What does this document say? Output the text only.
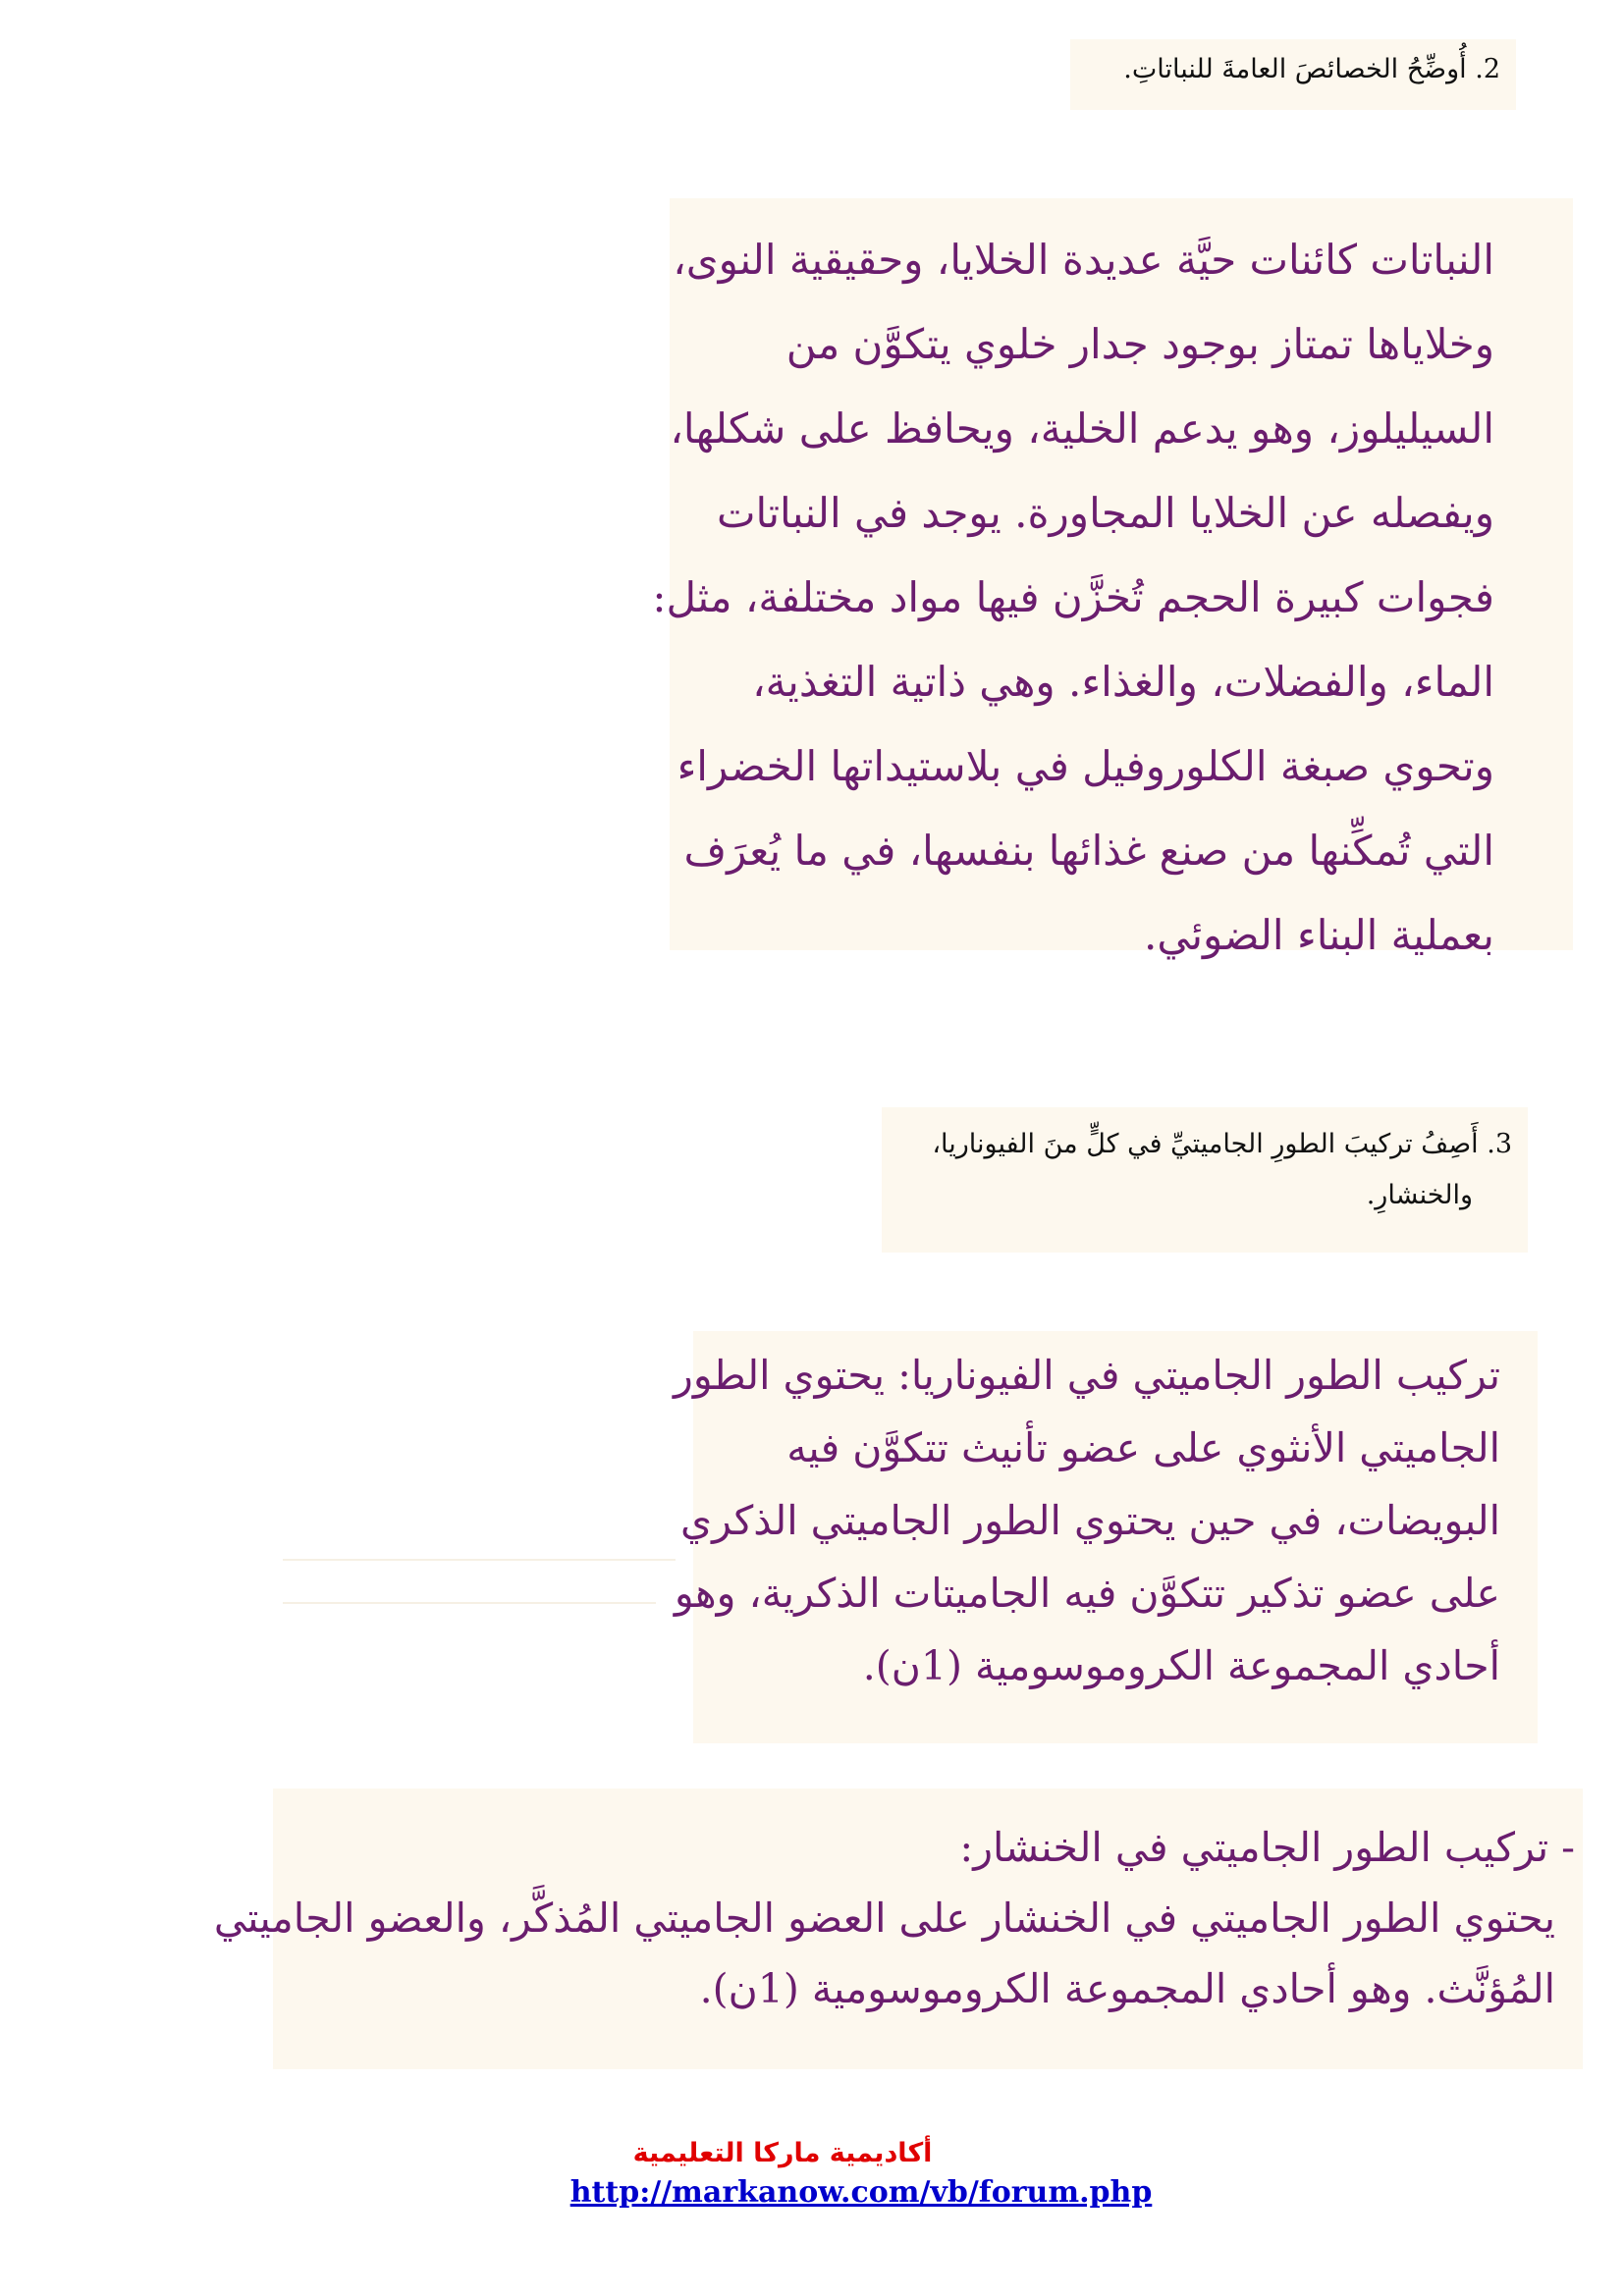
2. أُوضِّحُ الخصائصَ العامةَ للنباتاتِ.
النباتات كائنات حيَّة عديدة الخلايا، وحقيقية النوى،
وخلاياها تمتاز بوجود جدار خلوي يتكوَّن من
السيليلوز، وهو يدعم الخلية، ويحافظ على شكلها،
ويفصله عن الخلايا المجاورة. يوجد في النباتات
فجوات كبيرة الحجم تُخزَّن فيها مواد مختلفة، مثل:
الماء، والفضلات، والغذاء. وهي ذاتية التغذية،
وتحوي صبغة الكلوروفيل في بلاستيداتها الخضراء
التي تُمكِّنها من صنع غذائها بنفسها، في ما يُعرَف
بعملية البناء الضوئي.
3. أَصِفُ تركيبَ الطورِ الجاميتيِّ في كلٍّ منَ الفيوناريا،
والخنشارِ.
تركيب الطور الجاميتي في الفيوناريا: يحتوي الطور
الجاميتي الأنثوي على عضو تأنيث تتكوَّن فيه
البويضات، في حين يحتوي الطور الجاميتي الذكري
على عضو تذكير تتكوَّن فيه الجاميتات الذكرية، وهو
أحادي المجموعة الكروموسومية (1ن).
- تركيب الطور الجاميتي في الخنشار:
يحتوي الطور الجاميتي في الخنشار على العضو الجاميتي المُذكَّر، والعضو الجاميتي
المُؤنَّث. وهو أحادي المجموعة الكروموسومية (1ن).
أكاديمية ماركا التعليمية
http://markanow.com/vb/forum.php
